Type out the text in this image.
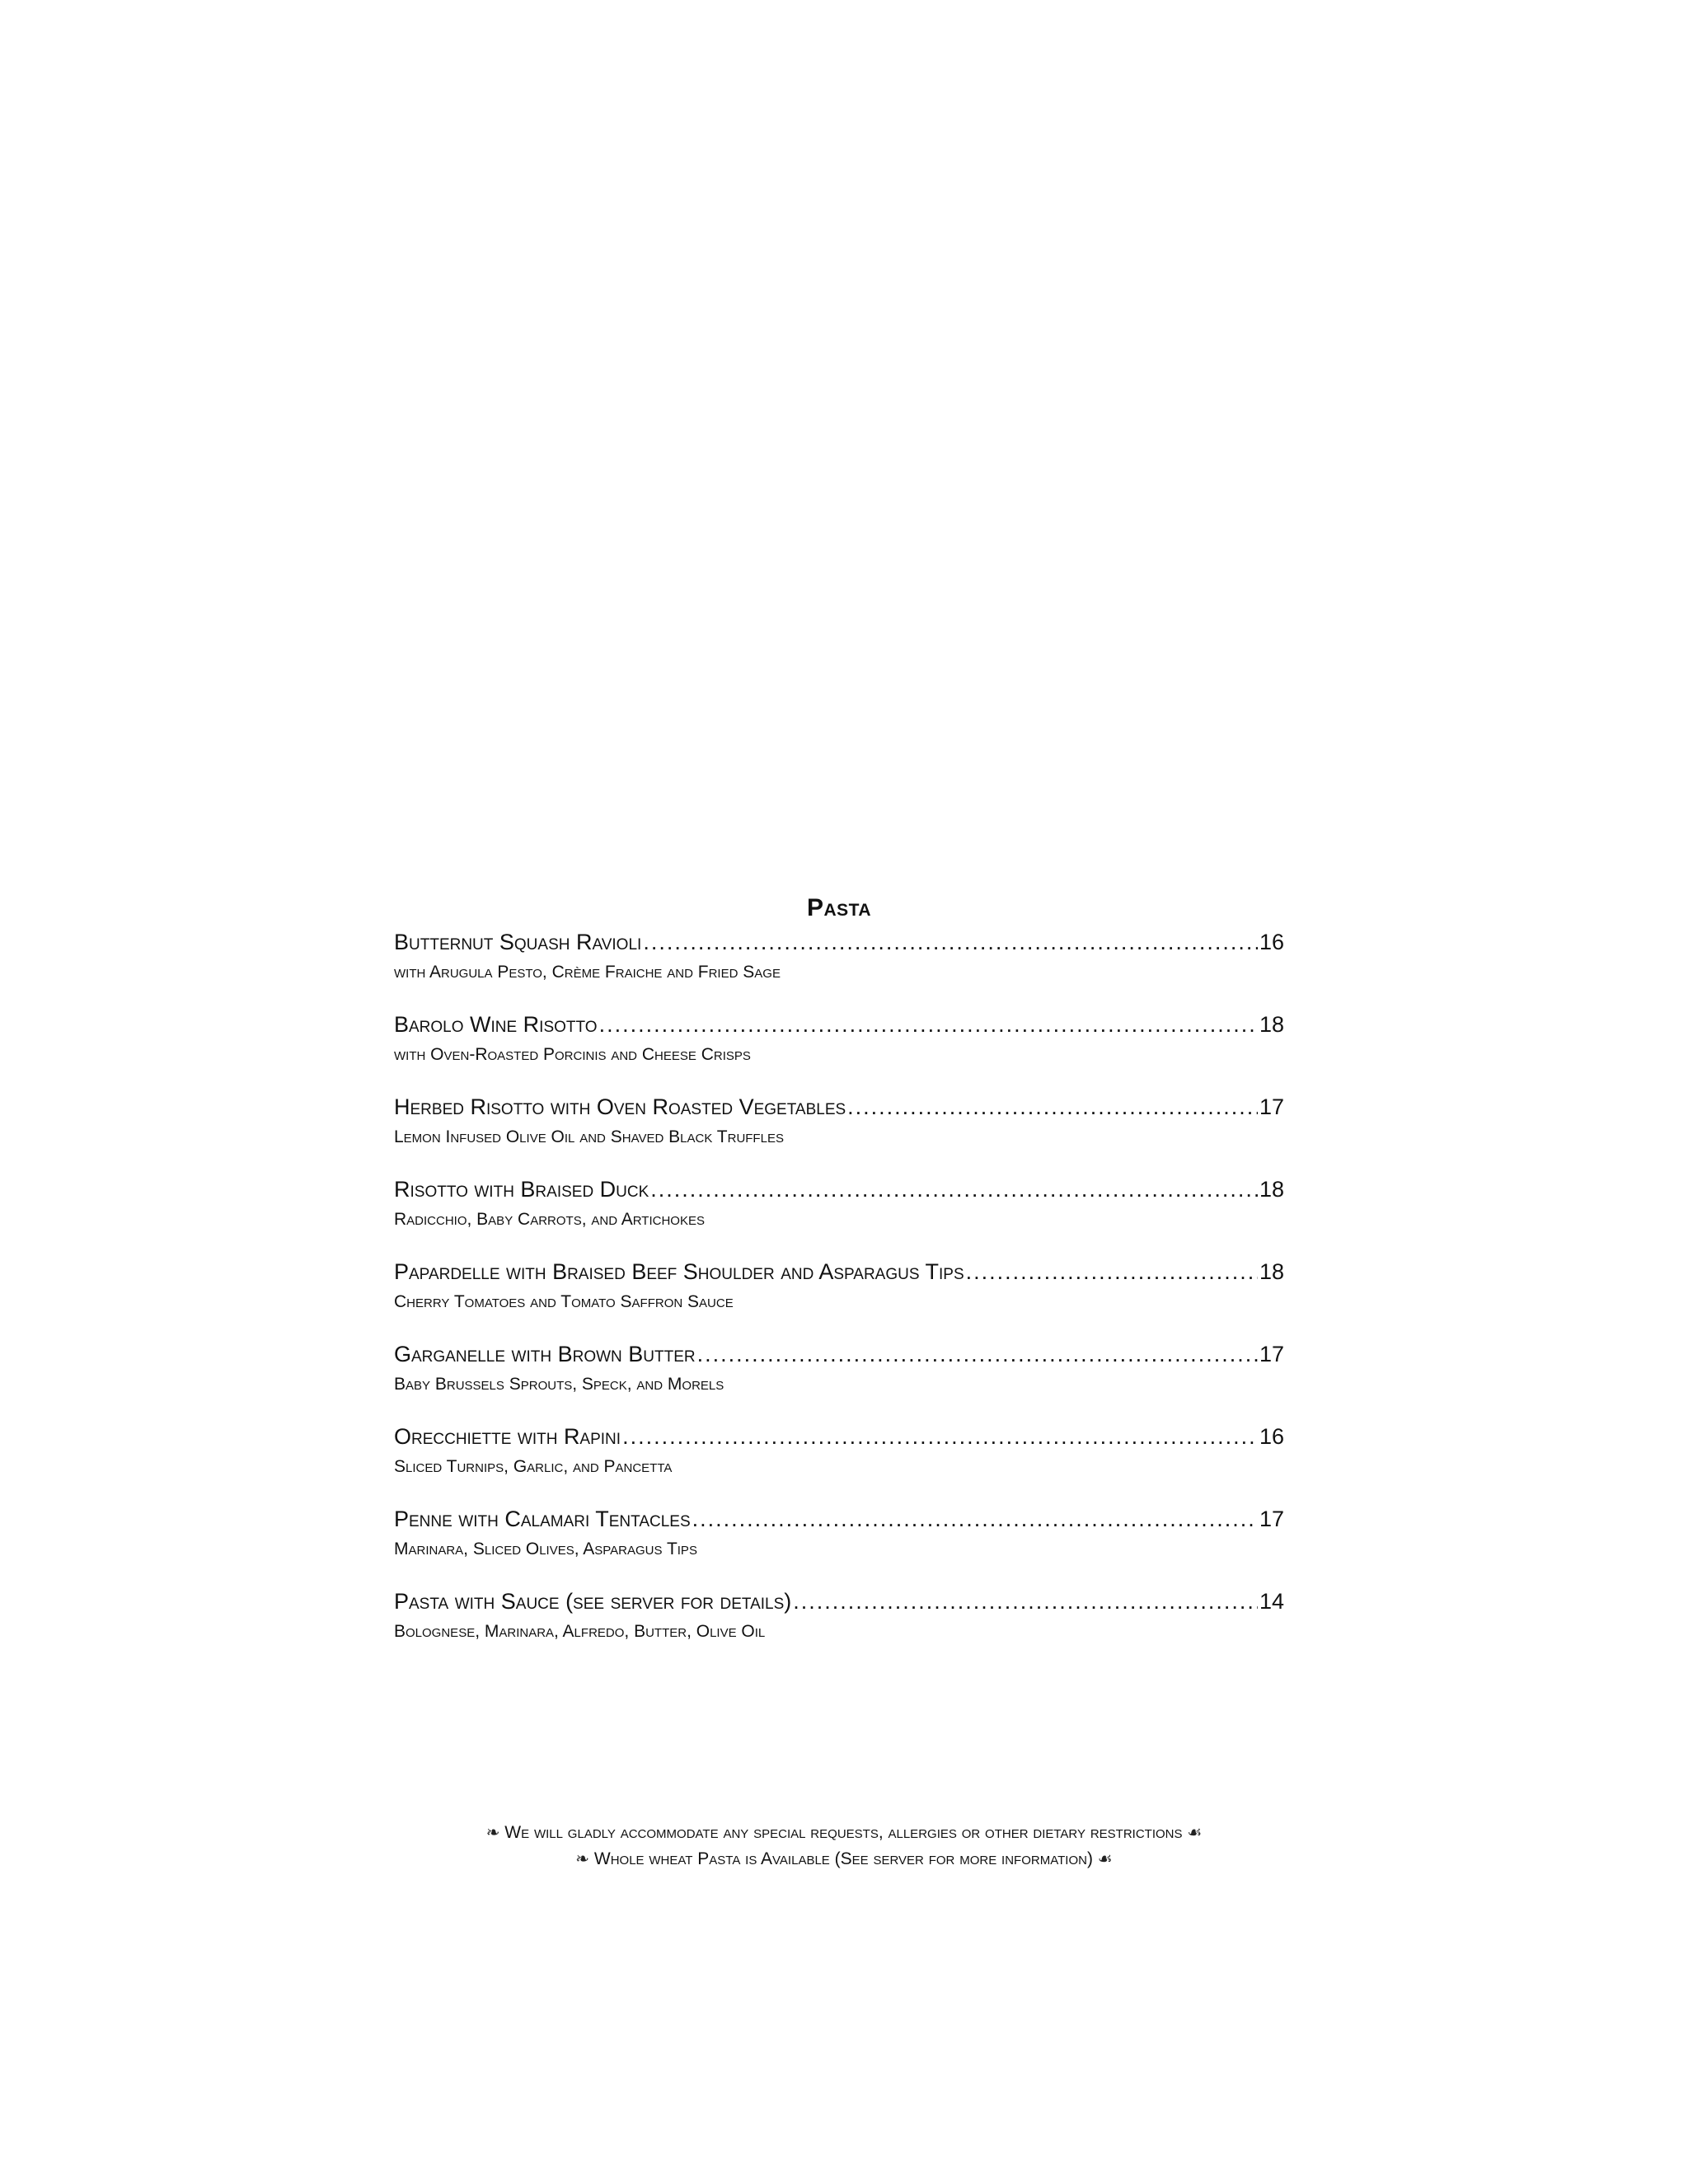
Pasta
Butternut Squash Ravioli .....	16
with Arugula Pesto, Crème Fraiche and Fried Sage
Barolo Wine Risotto .....	18
with Oven-Roasted Porcinis and Cheese Crisps
Herbed Risotto with Oven Roasted Vegetables .....	17
Lemon Infused Olive Oil and Shaved Black Truffles
Risotto with Braised Duck .....	18
Radicchio, Baby Carrots, and Artichokes
Papardelle with Braised Beef Shoulder and Asparagus Tips .....	18
Cherry Tomatoes and Tomato Saffron Sauce
Garganelle with Brown Butter .....	17
Baby Brussels Sprouts, Speck, and Morels
Orecchiette with Rapini .....	16
Sliced Turnips, Garlic, and Pancetta
Penne with Calamari Tentacles .....	17
Marinara, Sliced Olives, Asparagus Tips
Pasta with Sauce (see server for details) .....	14
Bolognese, Marinara, Alfredo, Butter, Olive Oil
❧ We will gladly accommodate any special requests, allergies or other dietary restrictions ☙
❧ Whole wheat Pasta is Available (See server for more information) ☙
